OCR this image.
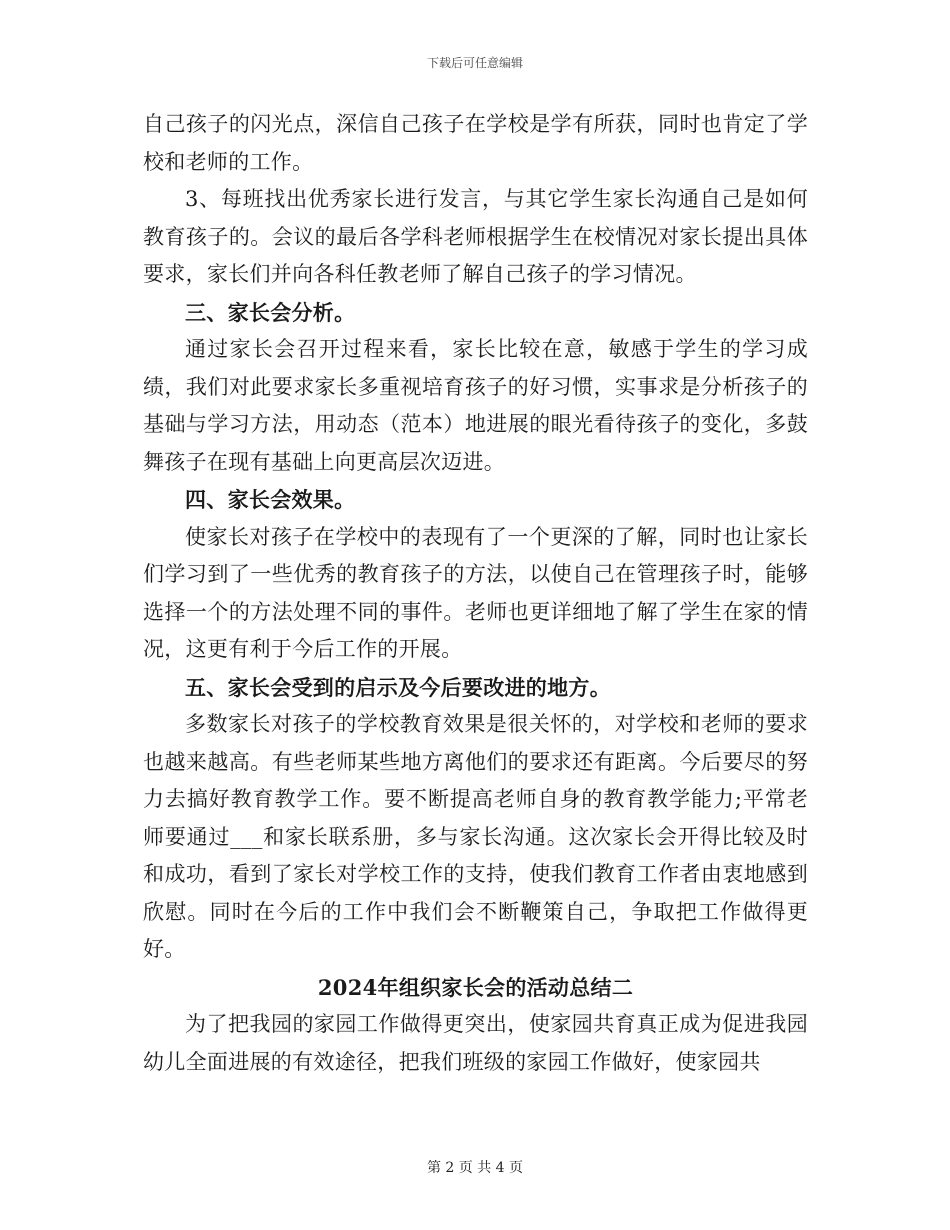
下载后可任意编辑

自己孩子的闪光点，深信自己孩子在学校是学有所获，同时也肯定了学校和老师的工作。

3、每班找出优秀家长进行发言，与其它学生家长沟通自己是如何教育孩子的。会议的最后各学科老师根据学生在校情况对家长提出具体要求，家长们并向各科任教老师了解自己孩子的学习情况。

三、家长会分析。

通过家长会召开过程来看，家长比较在意，敏感于学生的学习成绩，我们对此要求家长多重视培育孩子的好习惯，实事求是分析孩子的基础与学习方法，用动态（范本）地进展的眼光看待孩子的变化，多鼓舞孩子在现有基础上向更高层次迈进。

四、家长会效果。

使家长对孩子在学校中的表现有了一个更深的了解，同时也让家长们学习到了一些优秀的教育孩子的方法，以使自己在管理孩子时，能够选择一个的方法处理不同的事件。老师也更详细地了解了学生在家的情况，这更有利于今后工作的开展。

五、家长会受到的启示及今后要改进的地方。

多数家长对孩子的学校教育效果是很关怀的，对学校和老师的要求也越来越高。有些老师某些地方离他们的要求还有距离。今后要尽的努力去搞好教育教学工作。要不断提高老师自身的教育教学能力;平常老师要通过___和家长联系册，多与家长沟通。这次家长会开得比较及时和成功，看到了家长对学校工作的支持，使我们教育工作者由衷地感到欣慰。同时在今后的工作中我们会不断鞭策自己，争取把工作做得更好。

2024年组织家长会的活动总结二

为了把我园的家园工作做得更突出，使家园共育真正成为促进我园幼儿全面进展的有效途径，把我们班级的家园工作做好，使家园共

第 2 页 共 4 页
